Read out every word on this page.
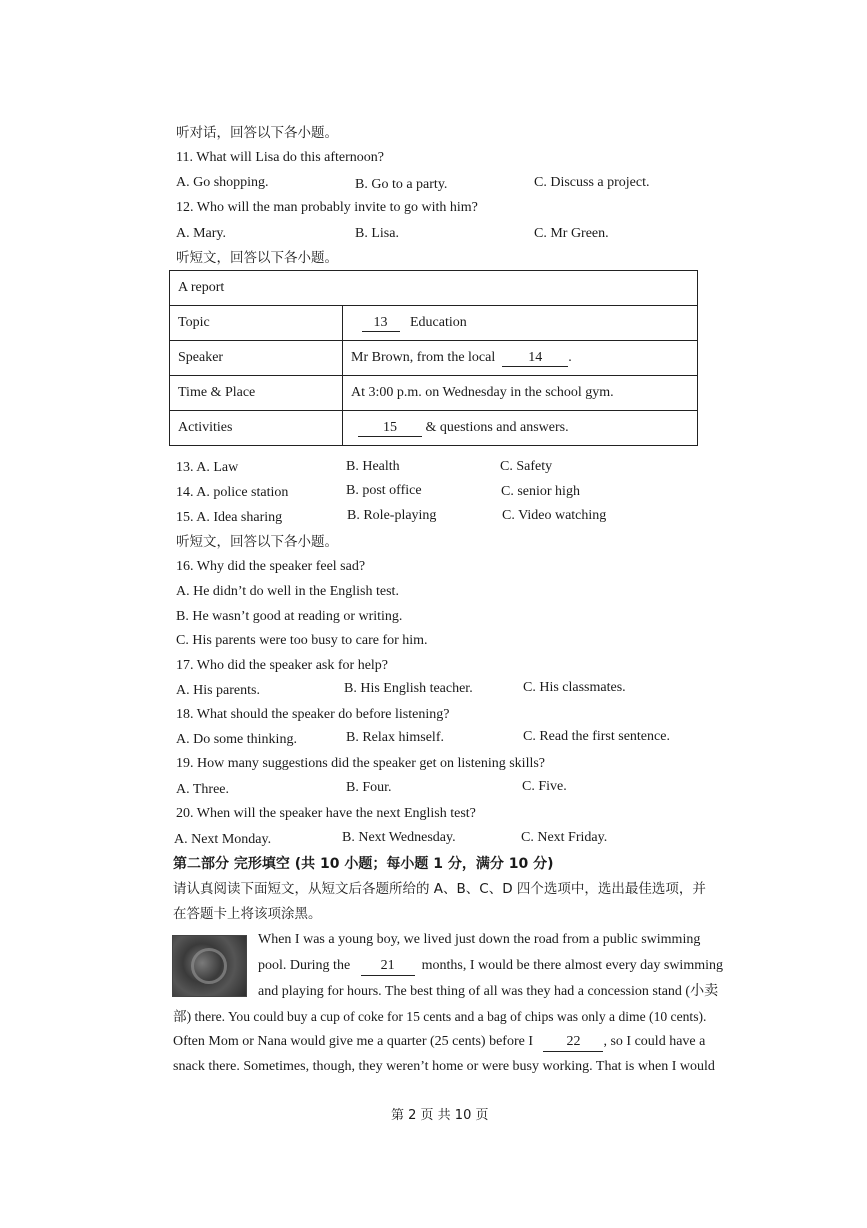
听对话，回答以下各小题。
11. What will Lisa do this afternoon?
A. Go shopping.	B. Go to a party.	C. Discuss a project.
12. Who will the man probably invite to go with him?
A. Mary.	B. Lisa.	C. Mr Green.
听短文，回答以下各小题。
A report	
Topic	13 Education
Speaker	Mr Brown, from the local 14 .
Time & Place	At 3:00 p.m. on Wednesday in the school gym.
Activities	15 & questions and answers.
13. A. Law	B. Health	C. Safety
14. A. police station	B. post office	C. senior high
15. A. Idea sharing	B. Role-playing	C. Video watching
听短文，回答以下各小题。
16. Why did the speaker feel sad?
A. He didn’t do well in the English test.
B. He wasn’t good at reading or writing.
C. His parents were too busy to care for him.
17. Who did the speaker ask for help?
A. His parents.	B. His English teacher.	C. His classmates.
18. What should the speaker do before listening?
A. Do some thinking.	B. Relax himself.	C. Read the first sentence.
19. How many suggestions did the speaker get on listening skills?
A. Three.	B. Four.	C. Five.
20. When will the speaker have the next English test?
A. Next Monday.	B. Next Wednesday.	C. Next Friday.
第二部分 完形填空 (共 10 小题；每小题 1 分，满分 10 分)
请认真阅读下面短文，从短文后各题所给的 A、B、C、D 四个选项中，选出最佳选项，并
在答题卡上将该项涂黑。
When I was a young boy, we lived just down the road from a public swimming
pool. During the 21 months, I would be there almost every day swimming
and playing for hours. The best thing of all was they had a concession stand (小卖
部) there. You could buy a cup of coke for 15 cents and a bag of chips was only a dime (10 cents).
Often Mom or Nana would give me a quarter (25 cents) before I 22 , so I could have a
snack there. Sometimes, though, they weren’t home or were busy working. That is when I would
第 2 页 共 10 页
